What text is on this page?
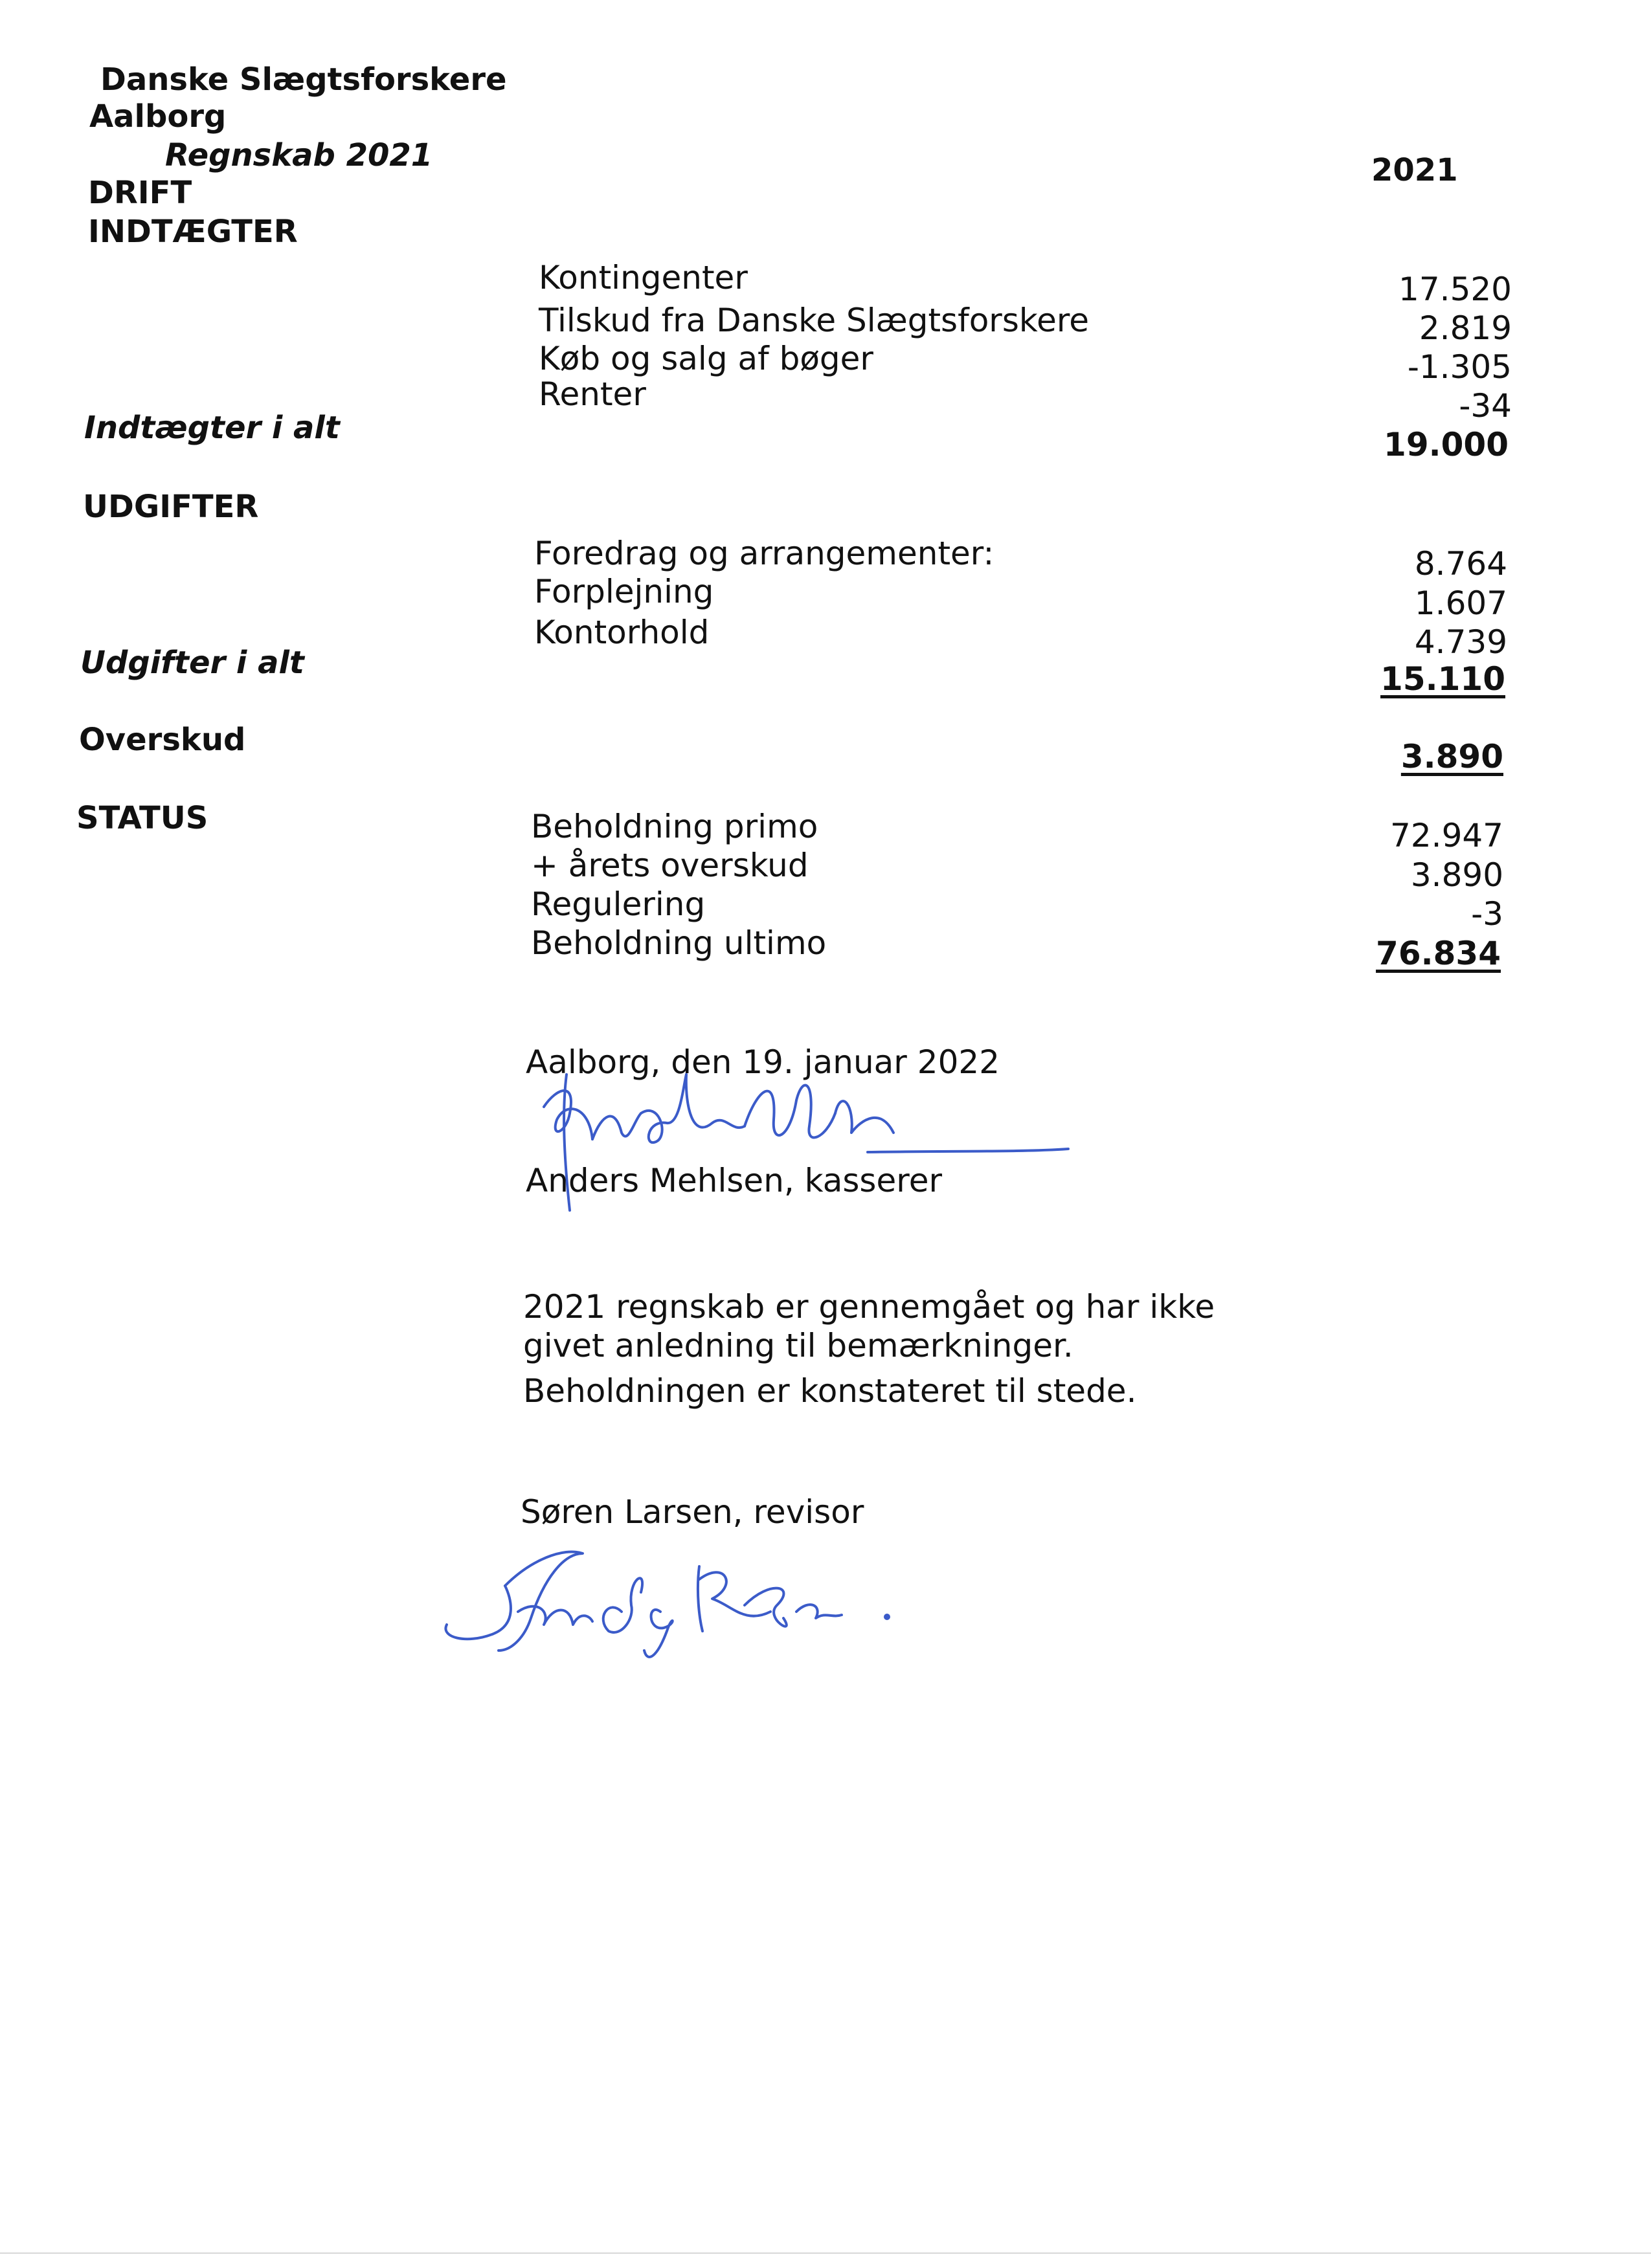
Danske Slægtsforskere
Aalborg
Regnskab 2021	2021
DRIFT
INDTÆGTER
Kontingenter	17.520
Tilskud fra Danske Slægtsforskere	2.819
Køb og salg af bøger	-1.305
Renter	-34
Indtægter i alt	19.000
UDGIFTER
Foredrag og arrangementer:	8.764
Forplejning	1.607
Kontorhold	4.739
Udgifter i alt	15.110
Overskud	3.890
STATUS	Beholdning primo	72.947
+ årets overskud	3.890
Regulering	-3
Beholdning ultimo	76.834
Aalborg, den 19. januar 2022
Anders Mehlsen, kasserer
2021 regnskab er gennemgået og har ikke
givet anledning til bemærkninger.
Beholdningen er konstateret til stede.
Søren Larsen, revisor
